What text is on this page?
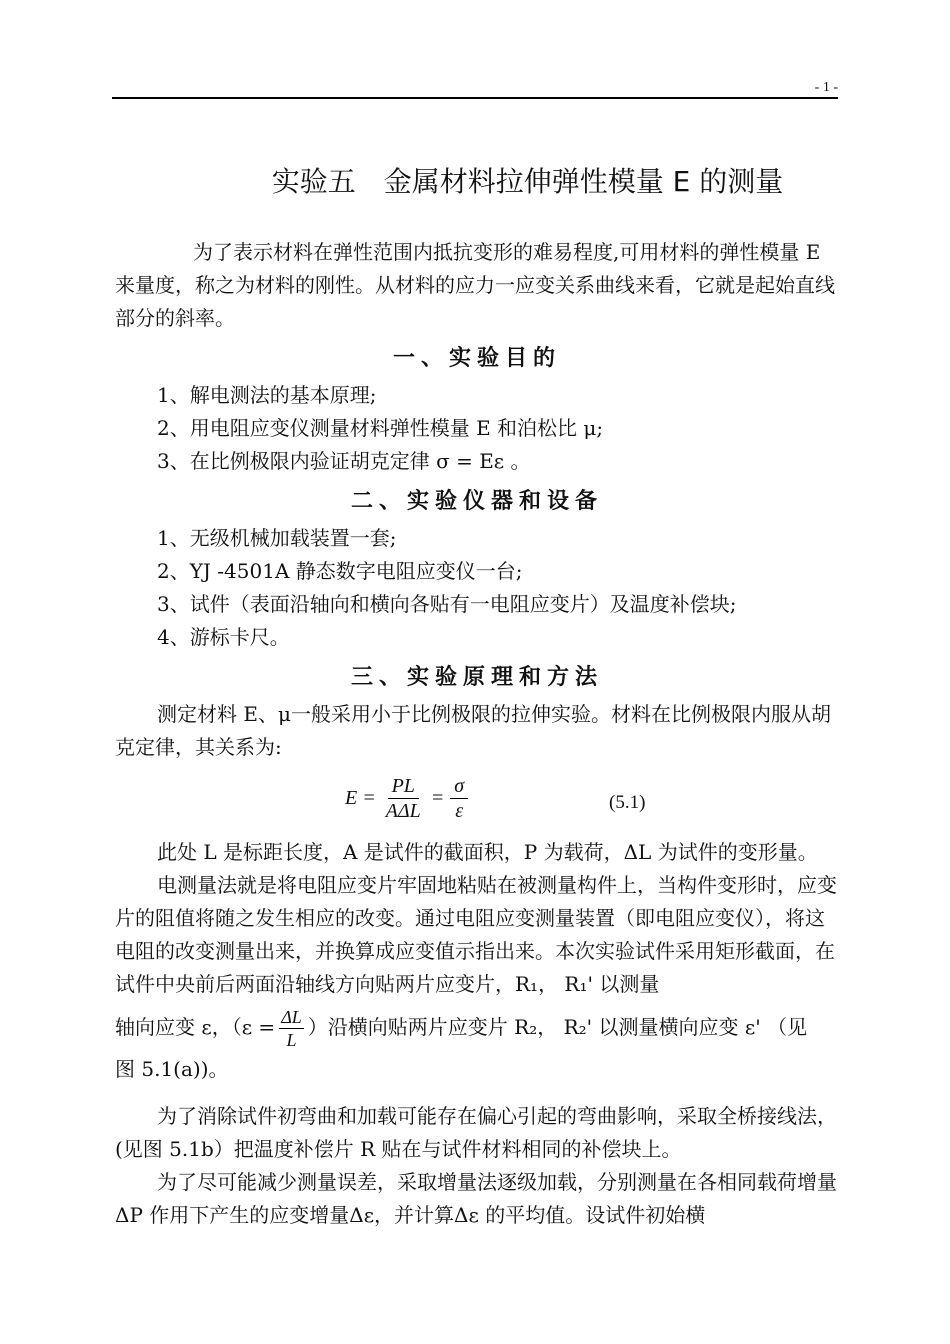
- 1 -
实验五　金属材料拉伸弹性模量 E 的测量

为了表示材料在弹性范围内抵抗变形的难易程度,可用材料的弹性模量 E 来量度，称之为材料的刚性。从材料的应力一应变关系曲线来看，它就是起始直线部分的斜率。

一、实验目的

1、解电测法的基本原理;

2、用电阻应变仪测量材料弹性模量 E 和泊松比 μ;

3、在比例极限内验证胡克定律 σ = Eε 。

二、实验仪器和设备

1、无级机械加载装置一套;

2、YJ -4501A 静态数字电阻应变仪一台;

3、试件（表面沿轴向和横向各贴有一电阻应变片）及温度补偿块;

4、游标卡尺。

三、实验原理和方法

测定材料 E、μ一般采用小于比例极限的拉伸实验。材料在比例极限内服从胡克定律，其关系为:

$E = \frac{PL}{\text{AΔL}} = \frac{\sigma}{\varepsilon}$	(5.1)

此处 L 是标距长度，A 是试件的截面积，P 为载荷，ΔL 为试件的变形量。

电测量法就是将电阻应变片牢固地粘贴在被测量构件上，当构件变形时，应变片的阻值将随之发生相应的改变。通过电阻应变测量装置（即电阻应变仪），将这电阻的改变测量出来，并换算成应变值示指出来。本次实验试件采用矩形截面，在试件中央前后两面沿轴线方向贴两片应变片，R₁， R₁' 以测量

轴向应变 ε，（$\varepsilon = \frac{\Delta L}{L}$ ）沿横向贴两片应变片 R₂， R₂' 以测量横向应变 ε' （见

图 5.1(a))。

为了消除试件初弯曲和加载可能存在偏心引起的弯曲影响，采取全桥接线法，(见图 5.1b）把温度补偿片 R 贴在与试件材料相同的补偿块上。

为了尽可能减少测量误差，采取增量法逐级加载，分别测量在各相同载荷增量 ΔP 作用下产生的应变增量Δε，并计算Δε 的平均值。设试件初始横
